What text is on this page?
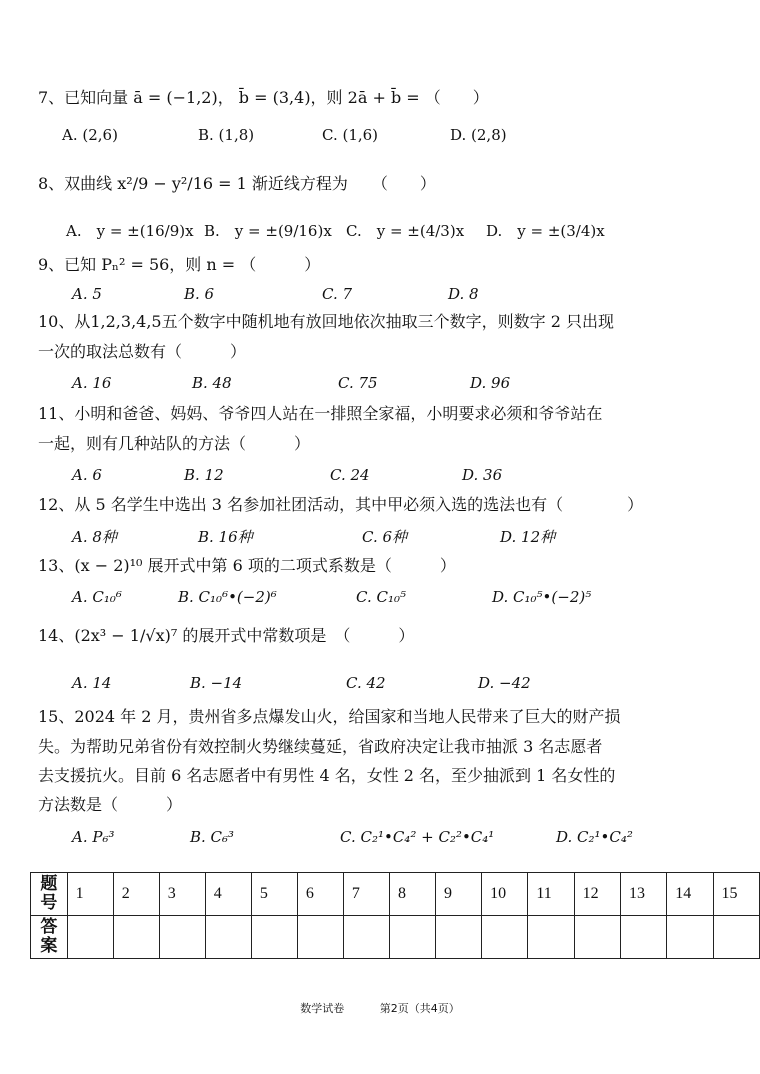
7、已知向量 ā = (−1,2)， b̄ = (3,4)，则 2ā + b̄ = （　　）
A. (2,6)	B. (1,8)	C. (1,6)	D. (2,8)
8、双曲线 x²/9 − y²/16 = 1 渐近线方程为　　（　　）
A.　y = ±(16/9)x B.　y = ±(9/16)x C.　y = ±(4/3)x D.　y = ±(3/4)x
9、已知 Pₙ² = 56，则 n = （　　　）
A. 5	B. 6	C. 7	D. 8
10、从1,2,3,4,5五个数字中随机地有放回地依次抽取三个数字，则数字 2 只出现
一次的取法总数有（　　　）
A. 16	B. 48	C. 75	D. 96
11、小明和爸爸、妈妈、爷爷四人站在一排照全家福，小明要求必须和爷爷站在
一起，则有几种站队的方法（　　　）
A. 6	B. 12	C. 24	D. 36
12、从 5 名学生中选出 3 名参加社团活动，其中甲必须入选的选法也有（　　　　）
A. 8种	B. 16种	C. 6种	D. 12种
13、(x − 2)¹⁰ 展开式中第 6 项的二项式系数是（　　　）
A. C₁₀⁶	B. C₁₀⁶•(−2)⁶	C. C₁₀⁵	D. C₁₀⁵•(−2)⁵
14、(2x³ − 1/√x)⁷ 的展开式中常数项是　（　　　）
A. 14	B. −14	C. 42	D. −42
15、2024 年 2 月，贵州省多点爆发山火，给国家和当地人民带来了巨大的财产损
失。为帮助兄弟省份有效控制火势继续蔓延，省政府决定让我市抽派 3 名志愿者
去支援抗火。目前 6 名志愿者中有男性 4 名，女性 2 名，至少抽派到 1 名女性的
方法数是（　　　）
A. P₆³	B. C₆³	C. C₂¹•C₄² + C₂²•C₄¹	D. C₂¹•C₄²
题号	1	2	3	4	5	6	7	8	9	10	11	12	13	14	15
答案															
数学试卷	第2页（共4页）
